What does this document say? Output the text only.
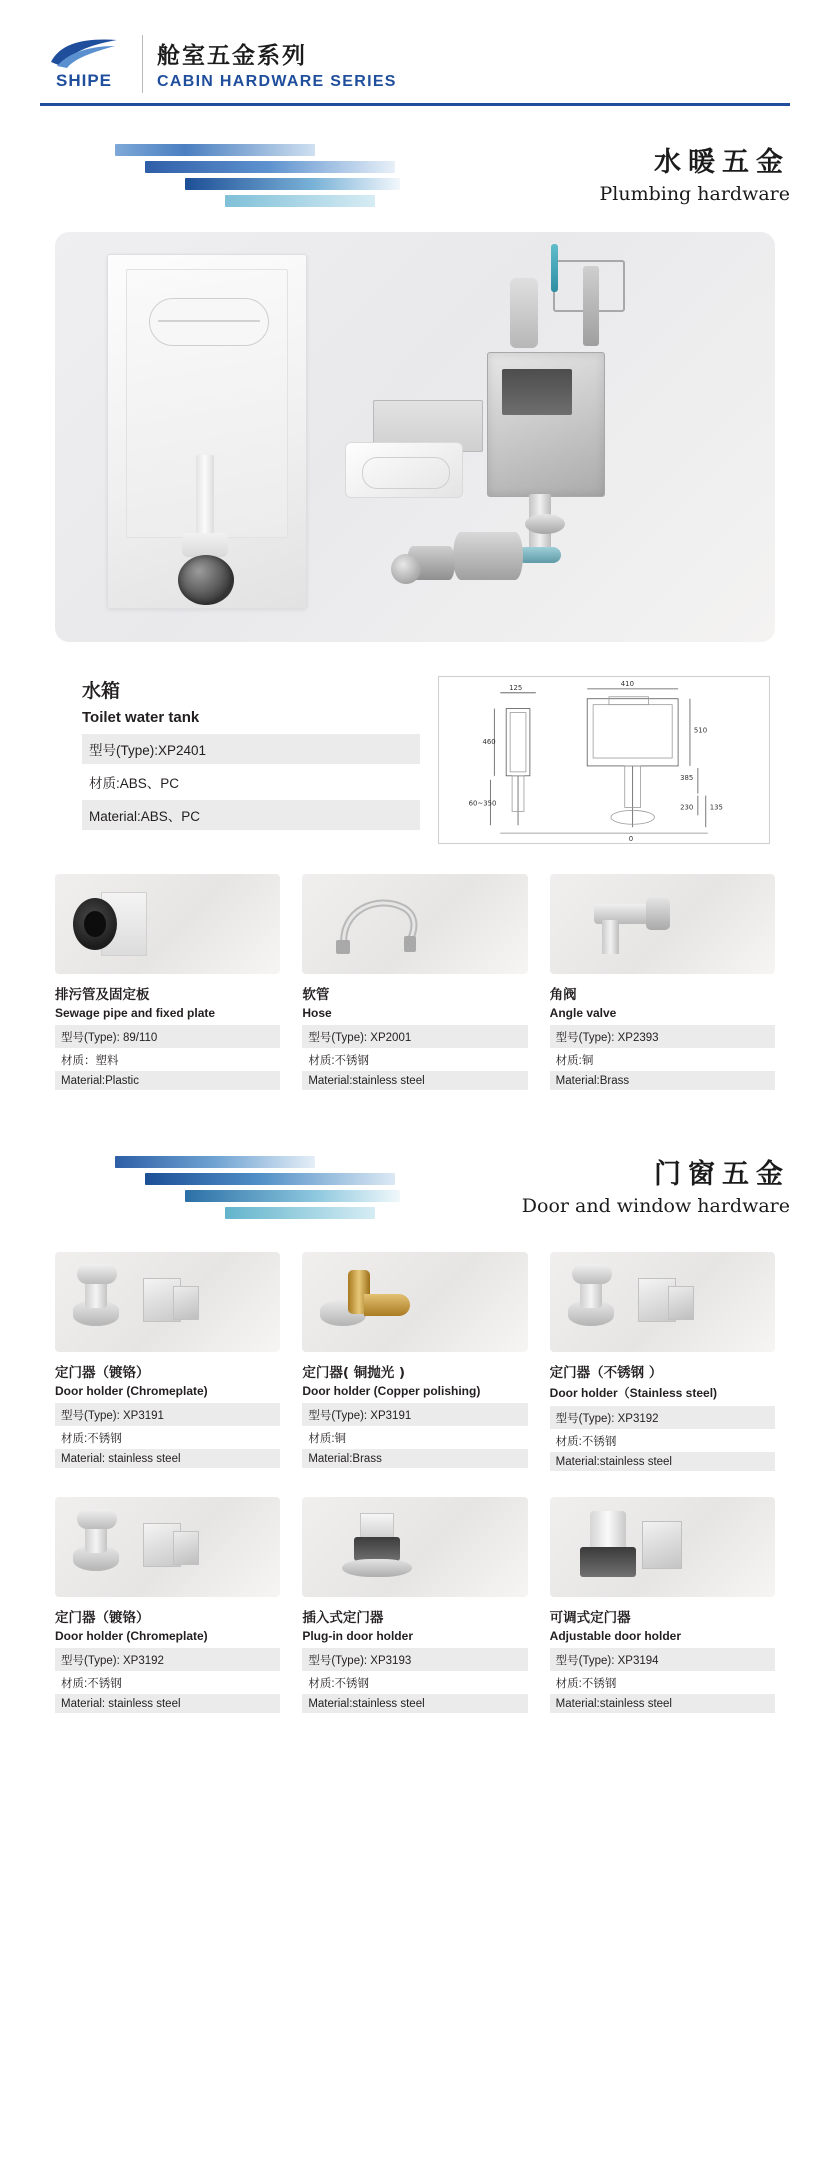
SHIPE
舱室五金系列
CABIN HARDWARE SERIES
水暖五金
Plumbing hardware
水箱
Toilet water tank
型号(Type):XP2401
材质:ABS、PC
Material:ABS、PC
125	410
510
460
60~350
385
230 135
0
排污管及固定板
Sewage pipe and fixed plate
型号(Type): 89/110
材质：塑料
Material:Plastic
软管
Hose
型号(Type): XP2001
材质:不锈钢
Material:stainless steel
角阀
Angle valve
型号(Type): XP2393
材质:铜
Material:Brass
门窗五金
Door and window hardware
定门器（镀铬）
Door holder (Chromeplate)
型号(Type): XP3191
材质:不锈钢
Material: stainless steel
定门器( 铜抛光 )
Door holder (Copper polishing)
型号(Type): XP3191
材质:铜
Material:Brass
定门器（不锈钢 ）
Door holder（Stainless steel)
型号(Type): XP3192
材质:不锈钢
Material:stainless steel
定门器（镀铬）
Door holder (Chromeplate)
型号(Type): XP3192
材质:不锈钢
Material: stainless steel
插入式定门器
Plug-in door holder
型号(Type): XP3193
材质:不锈钢
Material:stainless steel
可调式定门器
Adjustable door holder
型号(Type): XP3194
材质:不锈钢
Material:stainless steel
